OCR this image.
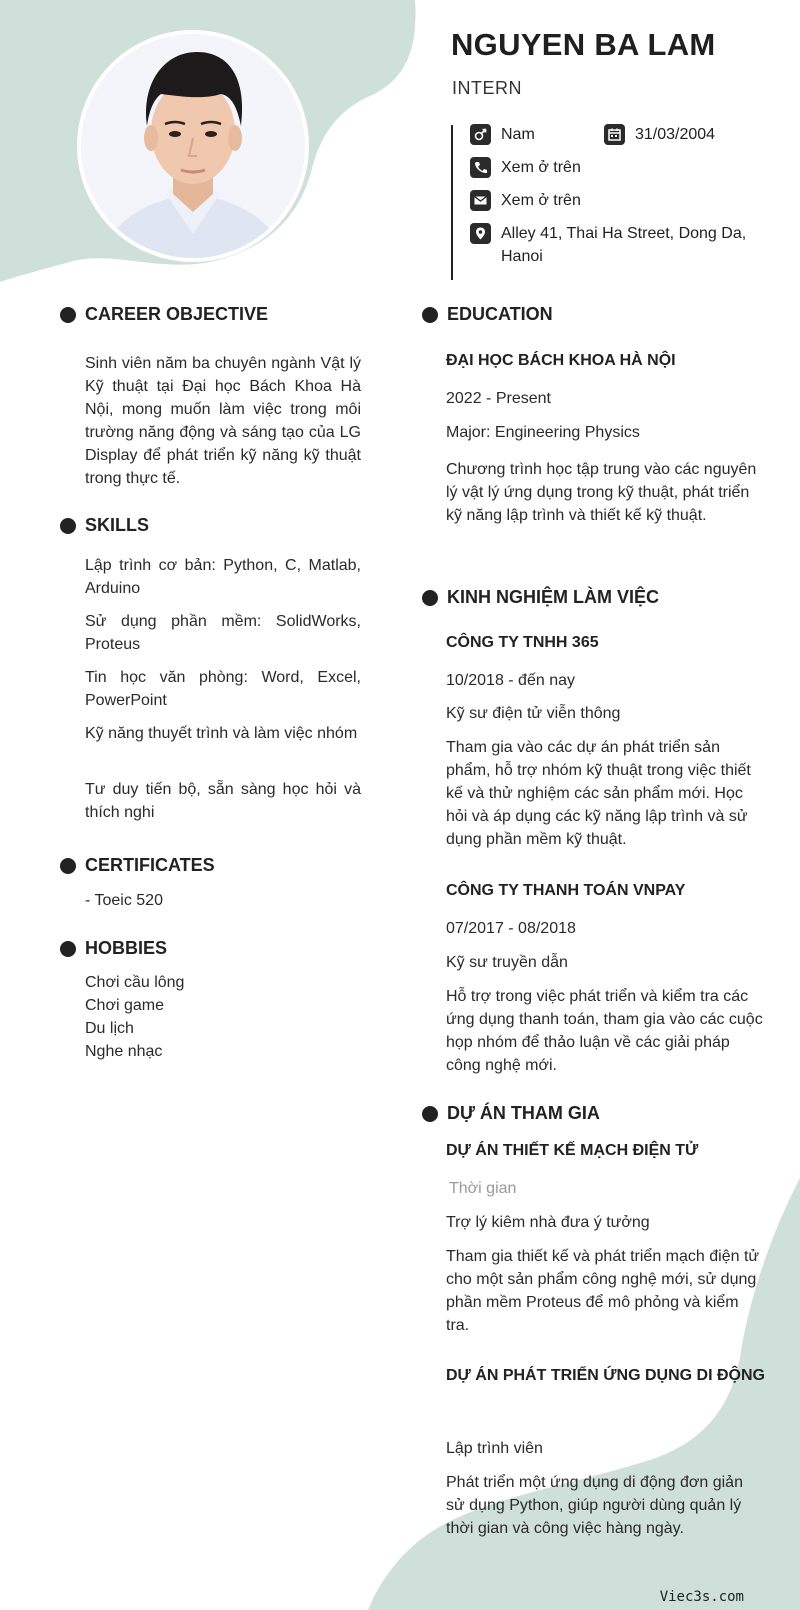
NGUYEN BA LAM
INTERN
Nam	31/03/2004
Xem ở trên
Xem ở trên
Alley 41, Thai Ha Street, Dong Da, Hanoi
CAREER OBJECTIVE
Sinh viên năm ba chuyên ngành Vật lý Kỹ thuật tại Đại học Bách Khoa Hà Nội, mong muốn làm việc trong môi trường năng động và sáng tạo của LG Display để phát triển kỹ năng kỹ thuật trong thực tế.
SKILLS
Lập trình cơ bản: Python, C, Matlab, Arduino
Sử dụng phần mềm: SolidWorks, Proteus
Tin học văn phòng: Word, Excel, PowerPoint
Kỹ năng thuyết trình và làm việc nhóm
Tư duy tiến bộ, sẵn sàng học hỏi và thích nghi
CERTIFICATES
- Toeic 520
HOBBIES
Chơi cầu lông
Chơi game
Du lịch
Nghe nhạc
EDUCATION
ĐẠI HỌC BÁCH KHOA HÀ NỘI
2022 - Present
Major: Engineering Physics
Chương trình học tập trung vào các nguyên lý vật lý ứng dụng trong kỹ thuật, phát triển kỹ năng lập trình và thiết kế kỹ thuật.
KINH NGHIỆM LÀM VIỆC
CÔNG TY TNHH 365
10/2018 - đến nay
Kỹ sư điện tử viễn thông
Tham gia vào các dự án phát triển sản phẩm, hỗ trợ nhóm kỹ thuật trong việc thiết kế và thử nghiệm các sản phẩm mới. Học hỏi và áp dụng các kỹ năng lập trình và sử dụng phần mềm kỹ thuật.
CÔNG TY THANH TOÁN VNPAY
07/2017 - 08/2018
Kỹ sư truyền dẫn
Hỗ trợ trong việc phát triển và kiểm tra các ứng dụng thanh toán, tham gia vào các cuộc họp nhóm để thảo luận về các giải pháp công nghệ mới.
DỰ ÁN THAM GIA
DỰ ÁN THIẾT KẾ MẠCH ĐIỆN TỬ
Thời gian
Trợ lý kiêm nhà đưa ý tưởng
Tham gia thiết kế và phát triển mạch điện tử cho một sản phẩm công nghệ mới, sử dụng phần mềm Proteus để mô phỏng và kiểm tra.
DỰ ÁN PHÁT TRIỂN ỨNG DỤNG DI ĐỘNG
Lập trình viên
Phát triển một ứng dụng di động đơn giản sử dụng Python, giúp người dùng quản lý thời gian và công việc hàng ngày.
Viec3s.com
